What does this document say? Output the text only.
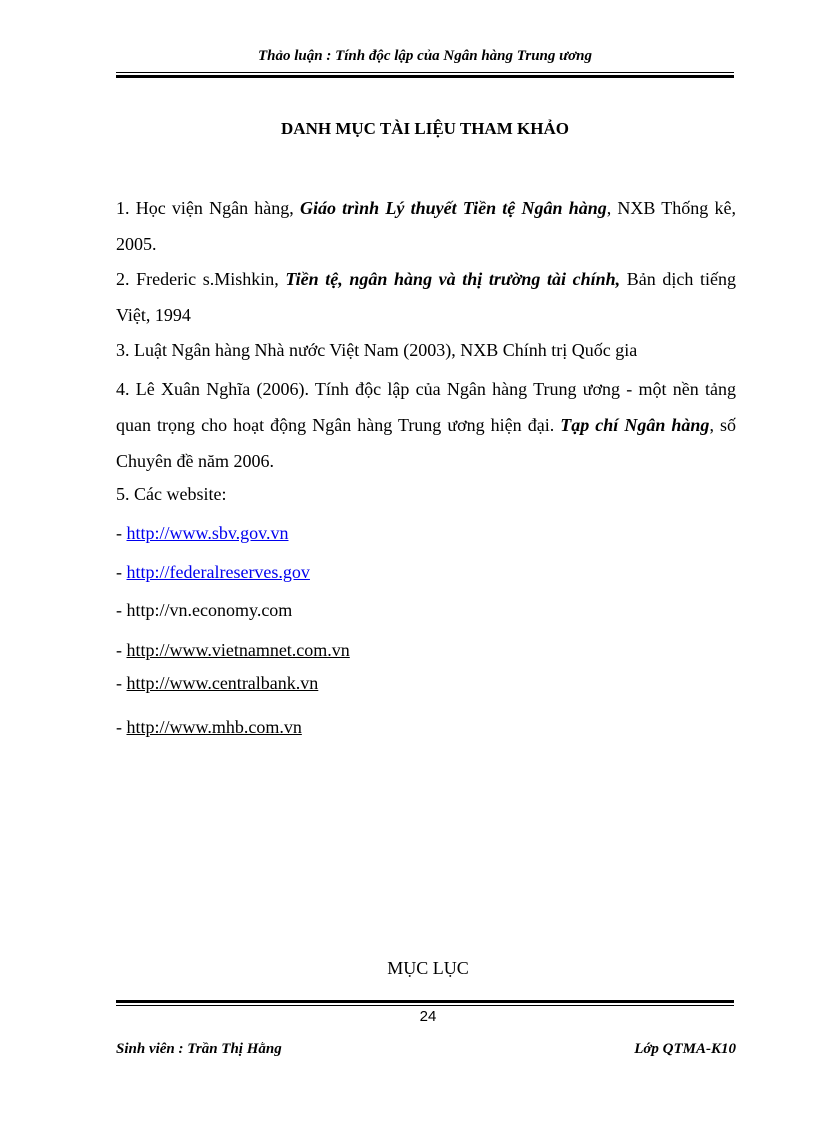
Thảo luận : Tính độc lập của Ngân hàng Trung ương
DANH MỤC TÀI LIỆU THAM KHẢO
1. Học viện Ngân hàng, Giáo trình Lý thuyết Tiền tệ Ngân hàng, NXB Thống kê, 2005.
2. Frederic s.Mishkin, Tiền tệ, ngân hàng và thị trường tài chính, Bản dịch tiếng Việt, 1994
3. Luật Ngân hàng Nhà nước Việt Nam (2003), NXB Chính trị Quốc gia
4. Lê Xuân Nghĩa (2006). Tính độc lập của Ngân hàng Trung ương - một nền tảng quan trọng cho hoạt động Ngân hàng Trung ương hiện đại. Tạp chí Ngân hàng, số Chuyên đề năm 2006.
5. Các website:
- http://www.sbv.gov.vn
- http://federalreserves.gov
- http://vn.economy.com
- http://www.vietnamnet.com.vn
- http://www.centralbank.vn
- http://www.mhb.com.vn
MỤC LỤC
24
Sinh viên : Trần Thị Hằng	Lớp QTMA-K10
